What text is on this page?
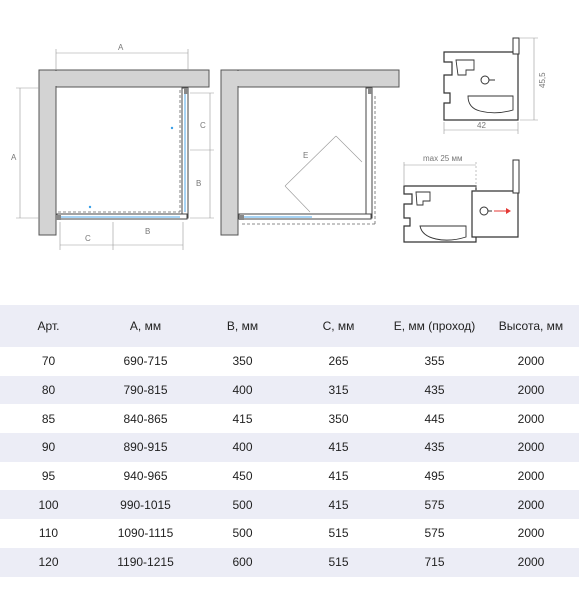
A
A
C
B
C
B
E
45,5
42
max 25 мм
Арт.	А, мм	В, мм	С, мм	Е, мм (проход)	Высота, мм
70	690-715	350	265	355	2000
80	790-815	400	315	435	2000
85	840-865	415	350	445	2000
90	890-915	400	415	435	2000
95	940-965	450	415	495	2000
100	990-1015	500	415	575	2000
110	1090-1115	500	515	575	2000
120	1190-1215	600	515	715	2000
